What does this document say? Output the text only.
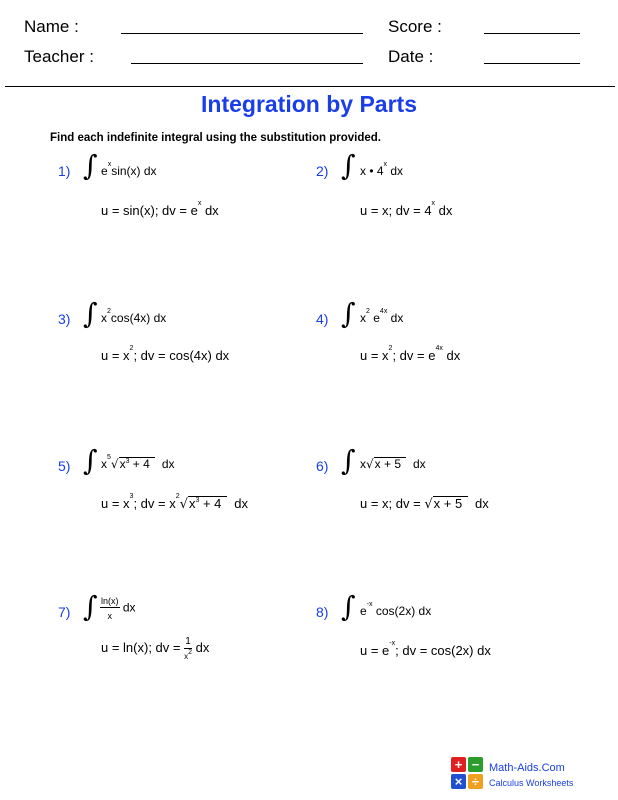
Name :	Score :
Teacher :	Date :
Integration by Parts
Find each indefinite integral using the substitution provided.
1) ∫ $e^x\sin(x)$ dx
u = sin(x); dv = $e^x$ dx
2) ∫ x • 4$^x$ dx
u = x; dv = $4^x$ dx
3) ∫ $x^2\cos(4x)$ dx
$u = x^2$; dv = cos(4x) dx
4) ∫ $x^2$ $e^{4x}$ dx
$u = x^2$; dv = $e^{4x}$ dx
5) ∫ $x^5√x^3 + 4$   dx
$u = x^3$; dv = $x^2√x^3 + 4$   dx
6) ∫ x√x + 5   dx
u = x; dv = √x + 5   dx
7) ∫ $\frac{\ln(x)}{x}$ dx
u = ln(x); dv = $\frac{1}{x^2}$ dx
8) ∫ $e^{-x}$ cos(2x) dx
$u = e^{-x}$; dv = cos(2x) dx
+ −
× ÷
Math-Aids.Com
Calculus Worksheets
